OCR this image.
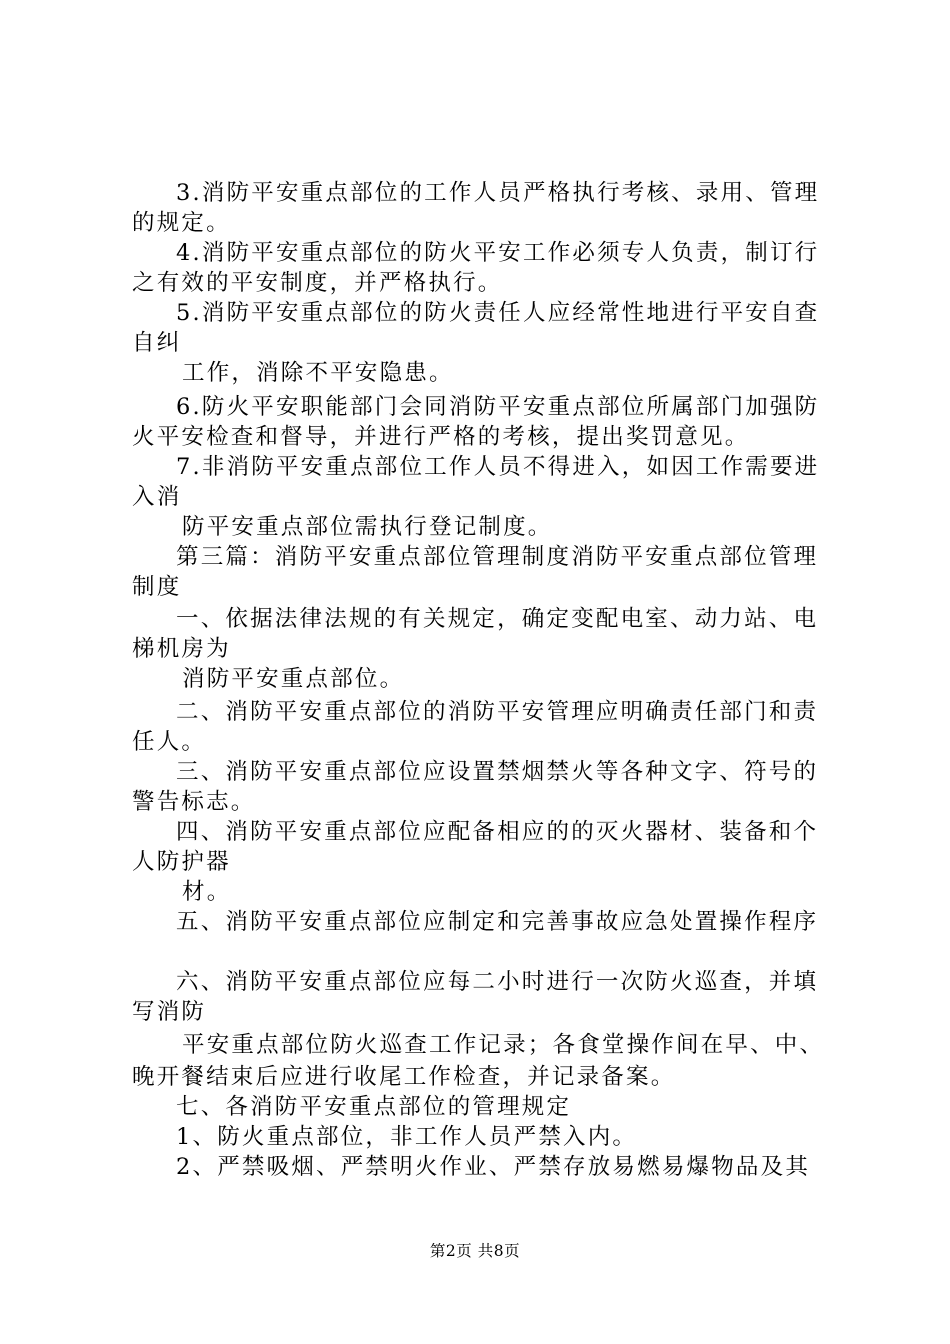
3.消防平安重点部位的工作人员严格执行考核、录用、管理
的规定。
4.消防平安重点部位的防火平安工作必须专人负责，制订行
之有效的平安制度，并严格执行。
5.消防平安重点部位的防火责任人应经常性地进行平安自查
自纠
工作，消除不平安隐患。
6.防火平安职能部门会同消防平安重点部位所属部门加强防
火平安检查和督导，并进行严格的考核，提出奖罚意见。
7.非消防平安重点部位工作人员不得进入，如因工作需要进
入消
防平安重点部位需执行登记制度。
第三篇：消防平安重点部位管理制度消防平安重点部位管理
制度
一、依据法律法规的有关规定，确定变配电室、动力站、电
梯机房为
消防平安重点部位。
二、消防平安重点部位的消防平安管理应明确责任部门和责
任人。
三、消防平安重点部位应设置禁烟禁火等各种文字、符号的
警告标志。
四、消防平安重点部位应配备相应的的灭火器材、装备和个
人防护器
材。
五、消防平安重点部位应制定和完善事故应急处置操作程序
六、消防平安重点部位应每二小时进行一次防火巡查，并填
写消防
平安重点部位防火巡查工作记录；各食堂操作间在早、中、
晚开餐结束后应进行收尾工作检查，并记录备案。
七、各消防平安重点部位的管理规定
1、防火重点部位，非工作人员严禁入内。
2、严禁吸烟、严禁明火作业、严禁存放易燃易爆物品及其
第2页 共8页
